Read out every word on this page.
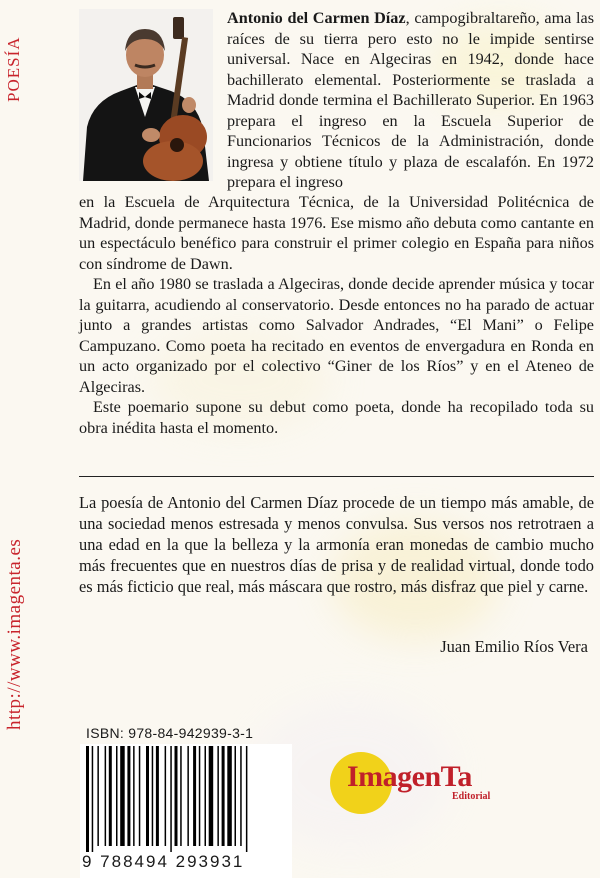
POESÍA
http://www.imagenta.es
Antonio del Carmen Díaz, campogibraltareño, ama las raíces de su tierra pero esto no le impide sentirse universal. Nace en Algeciras en 1942, donde hace bachillerato elemental. Posteriormente se traslada a Madrid donde termina el Bachillerato Superior. En 1963 prepara el ingreso en la Escuela Superior de Funcionarios Técnicos de la Administración, donde ingresa y obtiene título y plaza de escalafón. En 1972 prepara el ingreso

en la Escuela de Arquitectura Técnica, de la Universidad Politécnica de Madrid, donde permanece hasta 1976. Ese mismo año debuta como cantante en un espectáculo benéfico para construir el primer colegio en España para niños con síndrome de Dawn.

En el año 1980 se traslada a Algeciras, donde decide aprender música y tocar la guitarra, acudiendo al conservatorio. Desde entonces no ha parado de actuar junto a grandes artistas como Salvador Andrades, “El Mani” o Felipe Campuzano. Como poeta ha recitado en eventos de envergadura en Ronda en un acto organizado por el colectivo “Giner de los Ríos” y en el Ateneo de Algeciras.

Este poemario supone su debut como poeta, donde ha recopilado toda su obra inédita hasta el momento.

La poesía de Antonio del Carmen Díaz procede de un tiempo más amable, de una sociedad menos estresada y menos convulsa. Sus versos nos retrotraen a una edad en la que la belleza y la armonía eran monedas de cambio mucho más frecuentes que en nuestros días de prisa y de realidad virtual, donde todo es más ficticio que real, más máscara que rostro, más disfraz que piel y carne.
Juan Emilio Ríos Vera
ISBN: 978-84-942939-3-1
9 788494 293931
ImagenTa
Editorial
